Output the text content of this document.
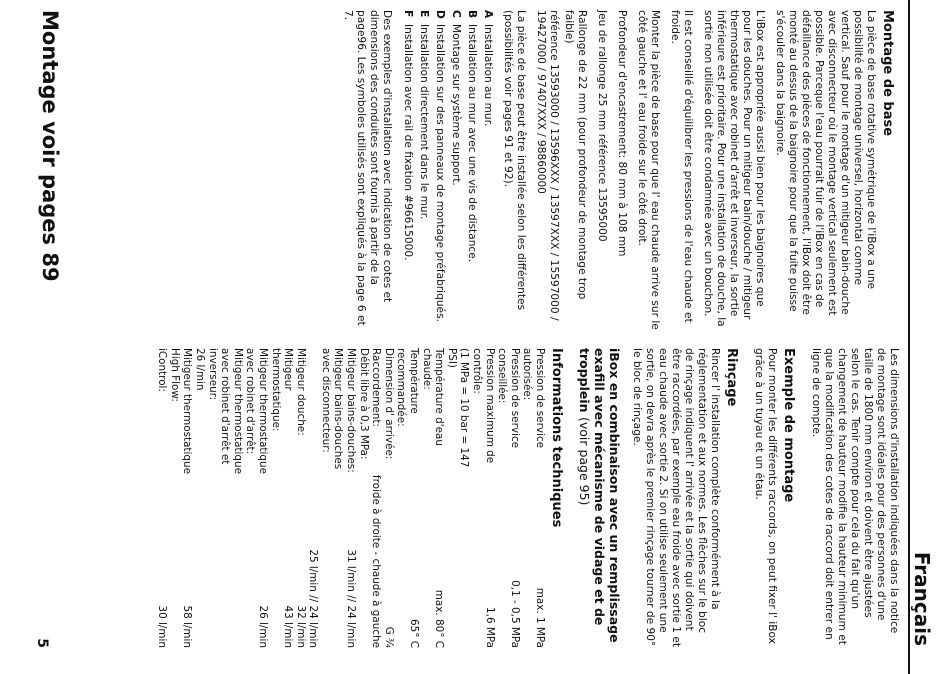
Français
Montage de base

La pièce de base rotative symétrique de l'iBox a une possibilité de montage universel, horizontal comme vertical. Sauf pour le montage d'un mitigeur bain-douche avec disconnecteur où le montage vertical seulement est possible. Parceque l'eau pourrait fuir de l'iBox en cas de défaillance des pièces de fonctionnement, l'iBox doit être monté au dessus de la baignoire pour que la fuite puisse s'écouler dans la baignoire.

L'iBox est appropriée aussi bien pour les baignoires que pour les douches. Pour un mitigeur bain/douche / mitigeur thermostatique avec robinet d'arrêt et inverseur, la sortie inférieure est prioritaire. Pour une installation de douche, la sortie non utilisée doit être condamnée avec un bouchon.

Il est conseillé d'équilibrer les pressions de l'eau chaude et froide.

Monter la pièce de base pour que l' eau chaude arrive sur le côté gauche et l' eau froide sur le côté droit.

Profondeur d'encastrement: 80 mm à 108 mm

Jeu de rallonge 25 mm référence 13595000

Rallonge de 22 mm (pour profondeur de montage trop faible)

référence 13593000 / 13596XXX / 13597XXX / 15597000 / 19427000 / 97407XXX / 98860000

La pièce de base peut être installée selon les différentes (possibilités voir pages 91 et 92).

AInstallation au mur.
BInstallation au mur avec une vis de distance.
CMontage sur système support.
DInstallation sur des panneaux de montage préfabriqués.
EInstallation directement dans le mur.
FInstallation avec rail de fixation #96615000.

Des exemples d'installation avec indication de cotes et dimensions des conduites sont fournis à partir de la page96. Les symboles utilisés sont expliqués à la page 6 et 7.

Les dimensions d'installation indiquées dans la notice de montage sont idéales pour des personnes d'une taille de 1800 mm environ et doivent être ajustées selon le cas. Tenir compte pour cela du fait qu'un changement de hauteur modifie la hauteur minimum et que la modification des cotes de raccord doit entrer en ligne de compte.

Exemple de montage

Pour monter les différents raccords, on peut fixer l' iBox grâce à un tuyau et un étau.

Rinçage

Rincer l' installation complète conformément à la réglementation et aux normes. Les flèches sur le bloc de rinçage indiquent l' arrivée et la sortie qui doivent être raccordées, par exemple eau froide avec sortie 1 et eau chaude avec sortie 2. Si on utilise seulement une sortie, on devra après le premier rinçage tourner de 90° le bloc de rinçage.

iBox en combinaison avec un remplissage exafill avec mécanisme de vidage et de tropplein (voir page 95)
Informations techniques
Pression de service autorisée:	max. 1 MPa
Pression de service conseillée:	0,1 - 0,5 MPa
Pression maximum de contrôle:	1,6 MPa
(1 MPa = 10 bar = 147 PSI)	
Température d'eau chaude:	max. 80° C
Température recommandée:	65° C
Dimension d' arrivée:	G ¾
Raccordement:	froide à droite - chaude à gauche
Débit libre à 0,3 MPa:	
Mitigeur bains-douches:	31 l/min // 24 l/min
Mitigeur bains-douches avec disconnecteur:	
	25 l/min // 24 l/min
Mitigeur douche:	32 l/min
Mitigeur thermostatique:	43 l/min
Mitigeur thermostatique avec robinet d'arrêt:	26 l/min
Mitigeur thermostatique avec robinet d'arrêt et inverseur:	
26 l/min	
Mitigeur thermostatique High Flow:	58 l/min
iControl:	30 l/min
Montage voir pages 89
5
